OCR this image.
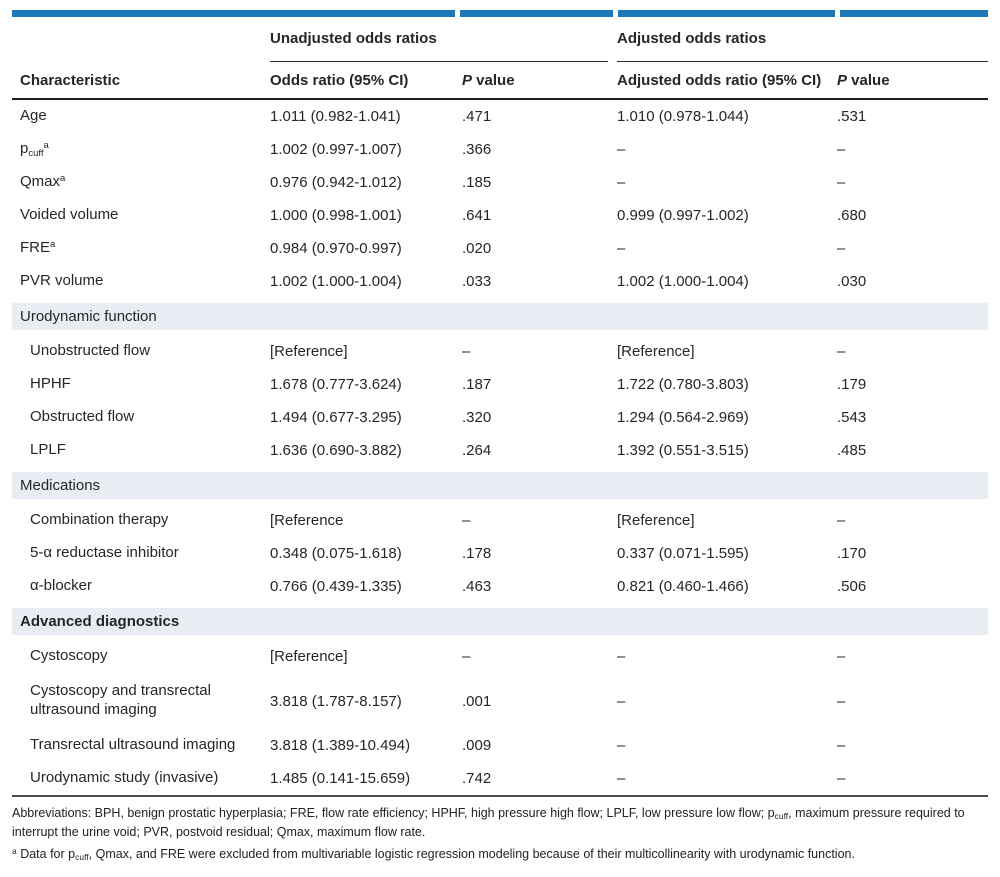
Unadjusted odds ratios	Adjusted odds ratios
Characteristic	Odds ratio (95% CI)	P value	Adjusted odds ratio (95% CI)	P value
Age	1.011 (0.982-1.041)	.471	1.010 (0.978-1.044)	.531
$p_{cuff}^a$	1.002 (0.997-1.007)	.366	–	–
Qmax$^a$	0.976 (0.942-1.012)	.185	–	–
Voided volume	1.000 (0.998-1.001)	.641	0.999 (0.997-1.002)	.680
FRE$^a$	0.984 (0.970-0.997)	.020	–	–
PVR volume	1.002 (1.000-1.004)	.033	1.002 (1.000-1.004)	.030
Urodynamic function
Unobstructed flow	[Reference]	–	[Reference]	–
HPHF	1.678 (0.777-3.624)	.187	1.722 (0.780-3.803)	.179
Obstructed flow	1.494 (0.677-3.295)	.320	1.294 (0.564-2.969)	.543
LPLF	1.636 (0.690-3.882)	.264	1.392 (0.551-3.515)	.485
Medications
Combination therapy	[Reference	–	[Reference]	–
5-α reductase inhibitor	0.348 (0.075-1.618)	.178	0.337 (0.071-1.595)	.170
α-blocker	0.766 (0.439-1.335)	.463	0.821 (0.460-1.466)	.506
Advanced diagnostics
Cystoscopy	[Reference]	–	–	–
Cystoscopy and transrectal ultrasound imaging	3.818 (1.787-8.157)	.001	–	–
Transrectal ultrasound imaging	3.818 (1.389-10.494)	.009	–	–
Urodynamic study (invasive)	1.485 (0.141-15.659)	.742	–	–

Abbreviations: BPH, benign prostatic hyperplasia; FRE, flow rate efficiency; HPHF, high pressure high flow; LPLF, low pressure low flow; $p_{cuff}$, maximum pressure required to interrupt the urine void; PVR, postvoid residual; Qmax, maximum flow rate.

$^a$ Data for $p_{cuff}$, Qmax, and FRE were excluded from multivariable logistic regression modeling because of their multicollinearity with urodynamic function.
